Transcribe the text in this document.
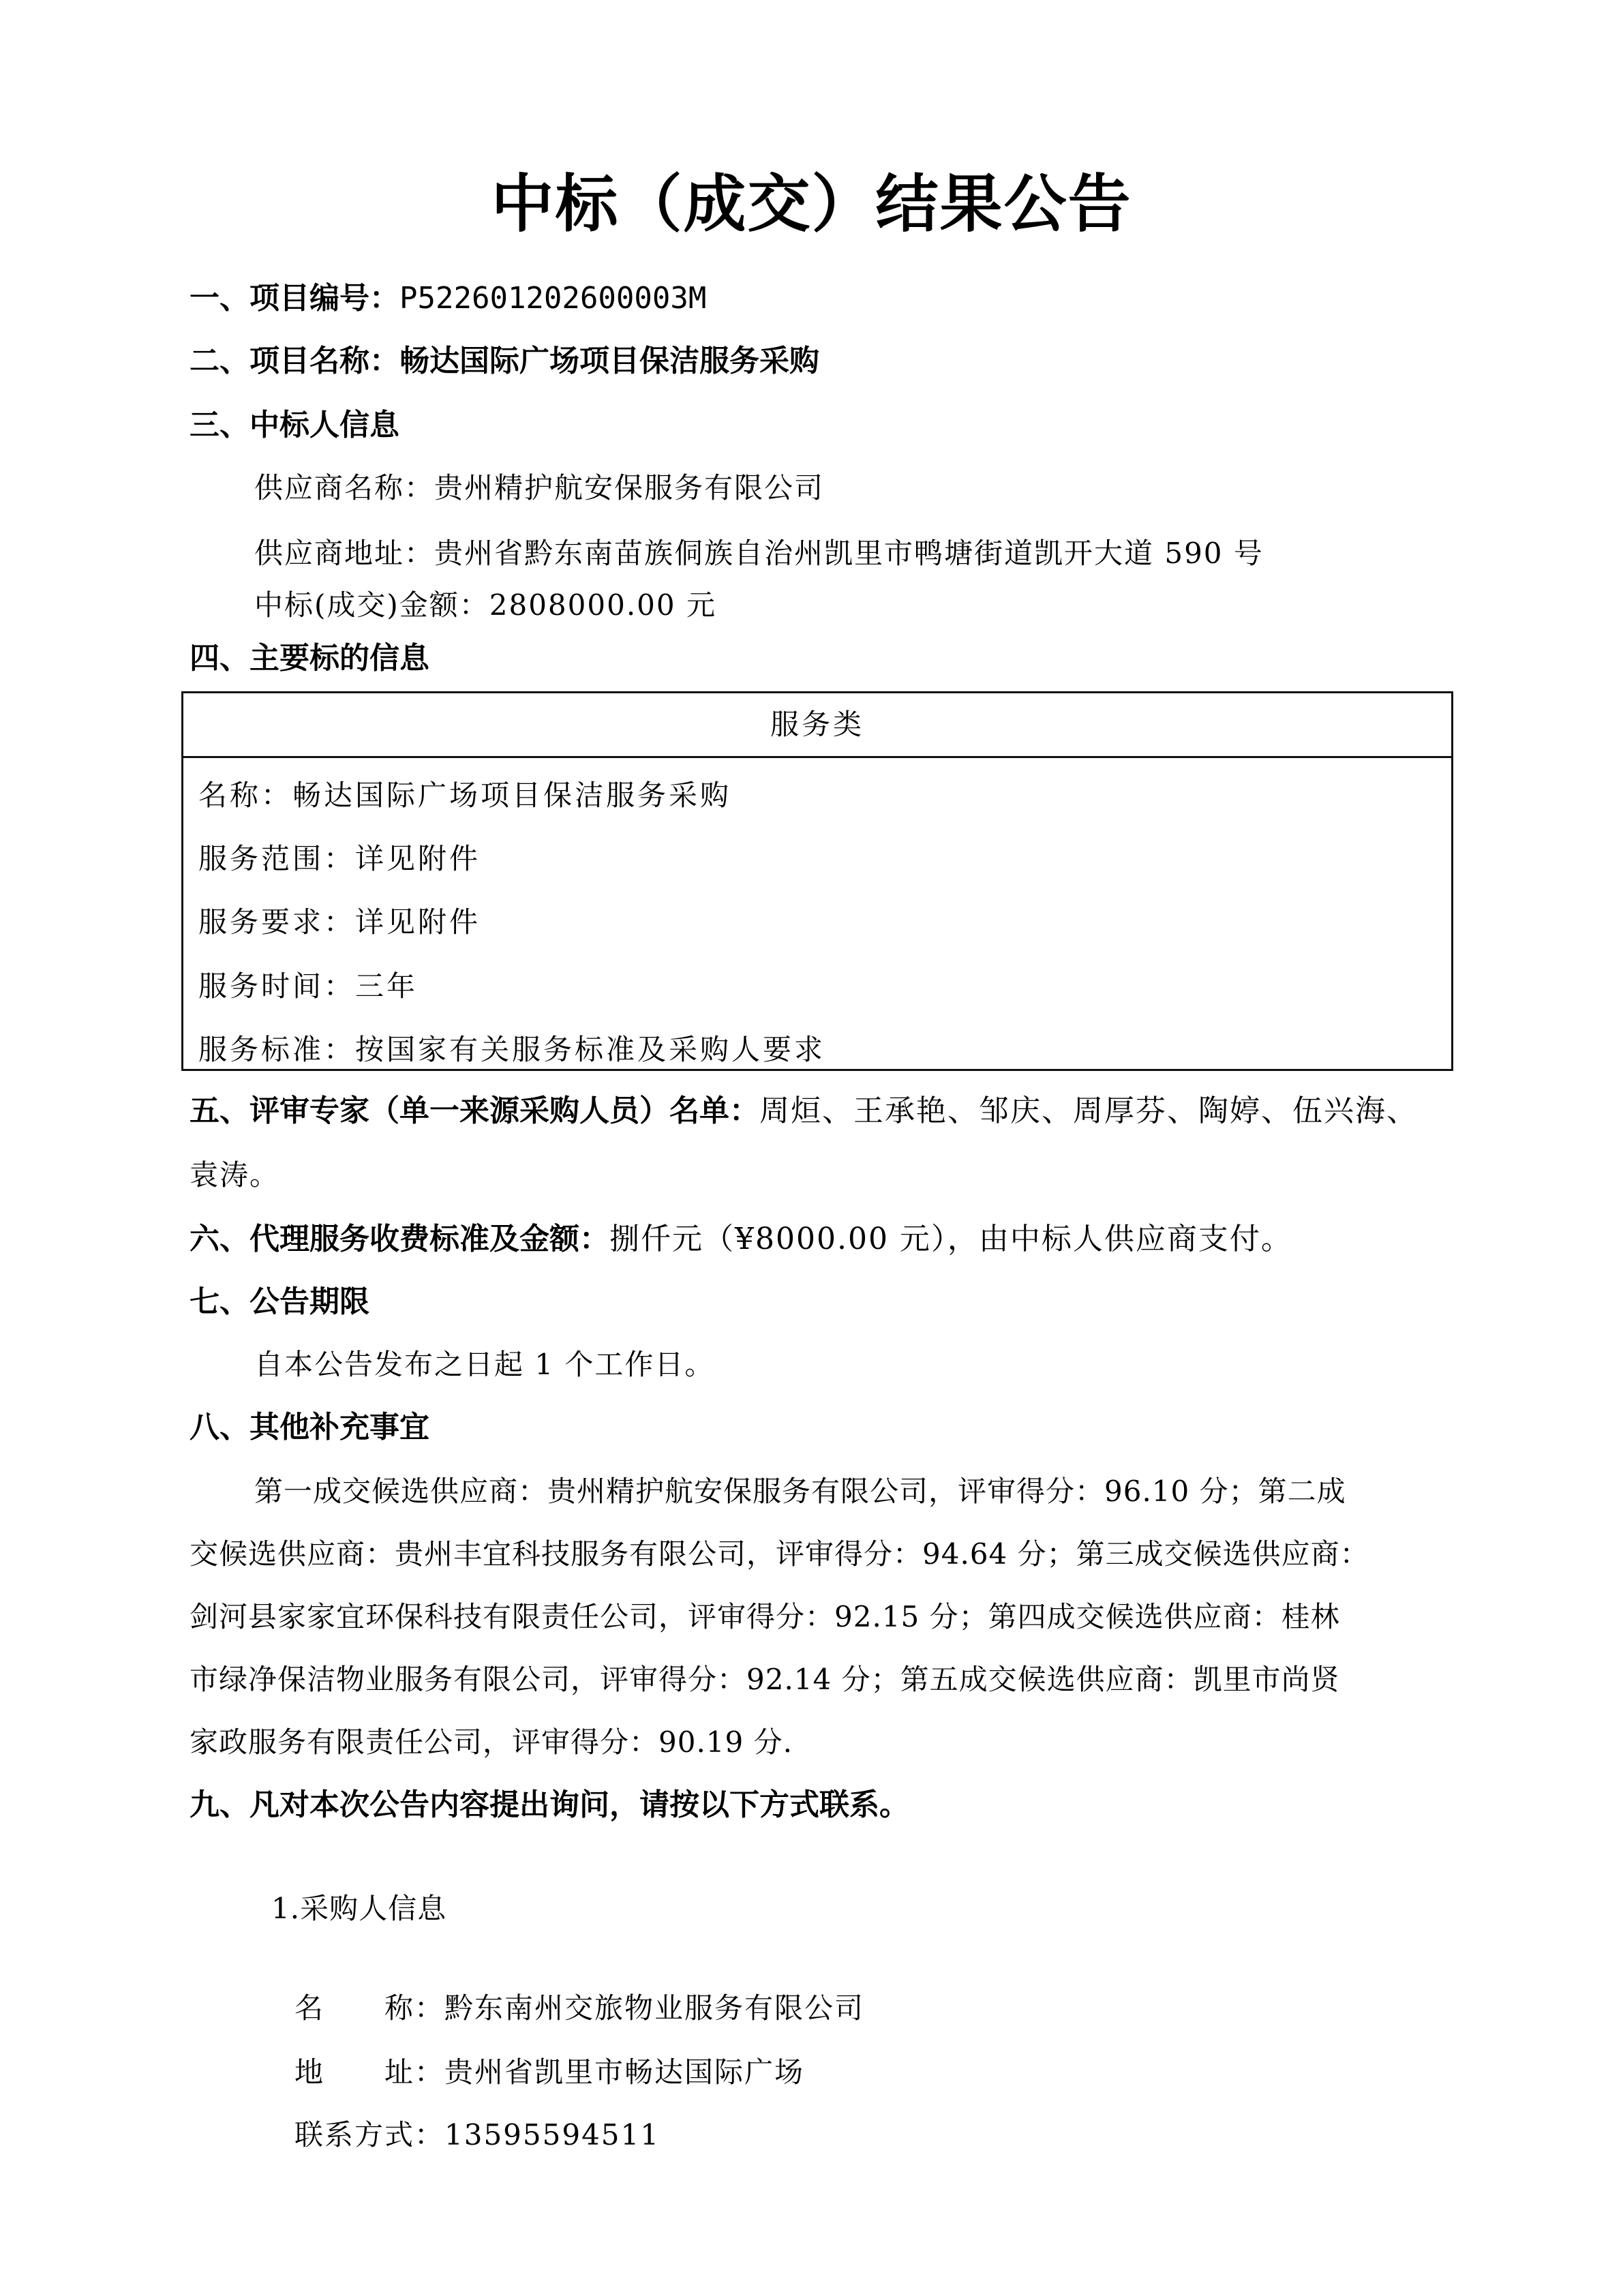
中标（成交）结果公告
一、项目编号：P522601202600003M
二、项目名称：畅达国际广场项目保洁服务采购
三、中标人信息
供应商名称：贵州精护航安保服务有限公司
供应商地址：贵州省黔东南苗族侗族自治州凯里市鸭塘街道凯开大道 590 号
中标(成交)金额：2808000.00 元
四、主要标的信息
服务类
名称：畅达国际广场项目保洁服务采购
服务范围：详见附件
服务要求：详见附件
服务时间：三年
服务标准：按国家有关服务标准及采购人要求
五、评审专家（单一来源采购人员）名单：周烜、王承艳、邹庆、周厚芬、陶婷、伍兴海、
袁涛。
六、代理服务收费标准及金额：捌仟元（¥8000.00 元），由中标人供应商支付。
七、公告期限
自本公告发布之日起 1 个工作日。
八、其他补充事宜
第一成交候选供应商：贵州精护航安保服务有限公司，评审得分：96.10 分；第二成
交候选供应商：贵州丰宜科技服务有限公司，评审得分：94.64 分；第三成交候选供应商：
剑河县家家宜环保科技有限责任公司，评审得分：92.15 分；第四成交候选供应商：桂林
市绿净保洁物业服务有限公司，评审得分：92.14 分；第五成交候选供应商：凯里市尚贤
家政服务有限责任公司，评审得分：90.19 分.
九、凡对本次公告内容提出询问，请按以下方式联系。
1.采购人信息
名　　称：黔东南州交旅物业服务有限公司
地　　址：贵州省凯里市畅达国际广场
联系方式：13595594511
